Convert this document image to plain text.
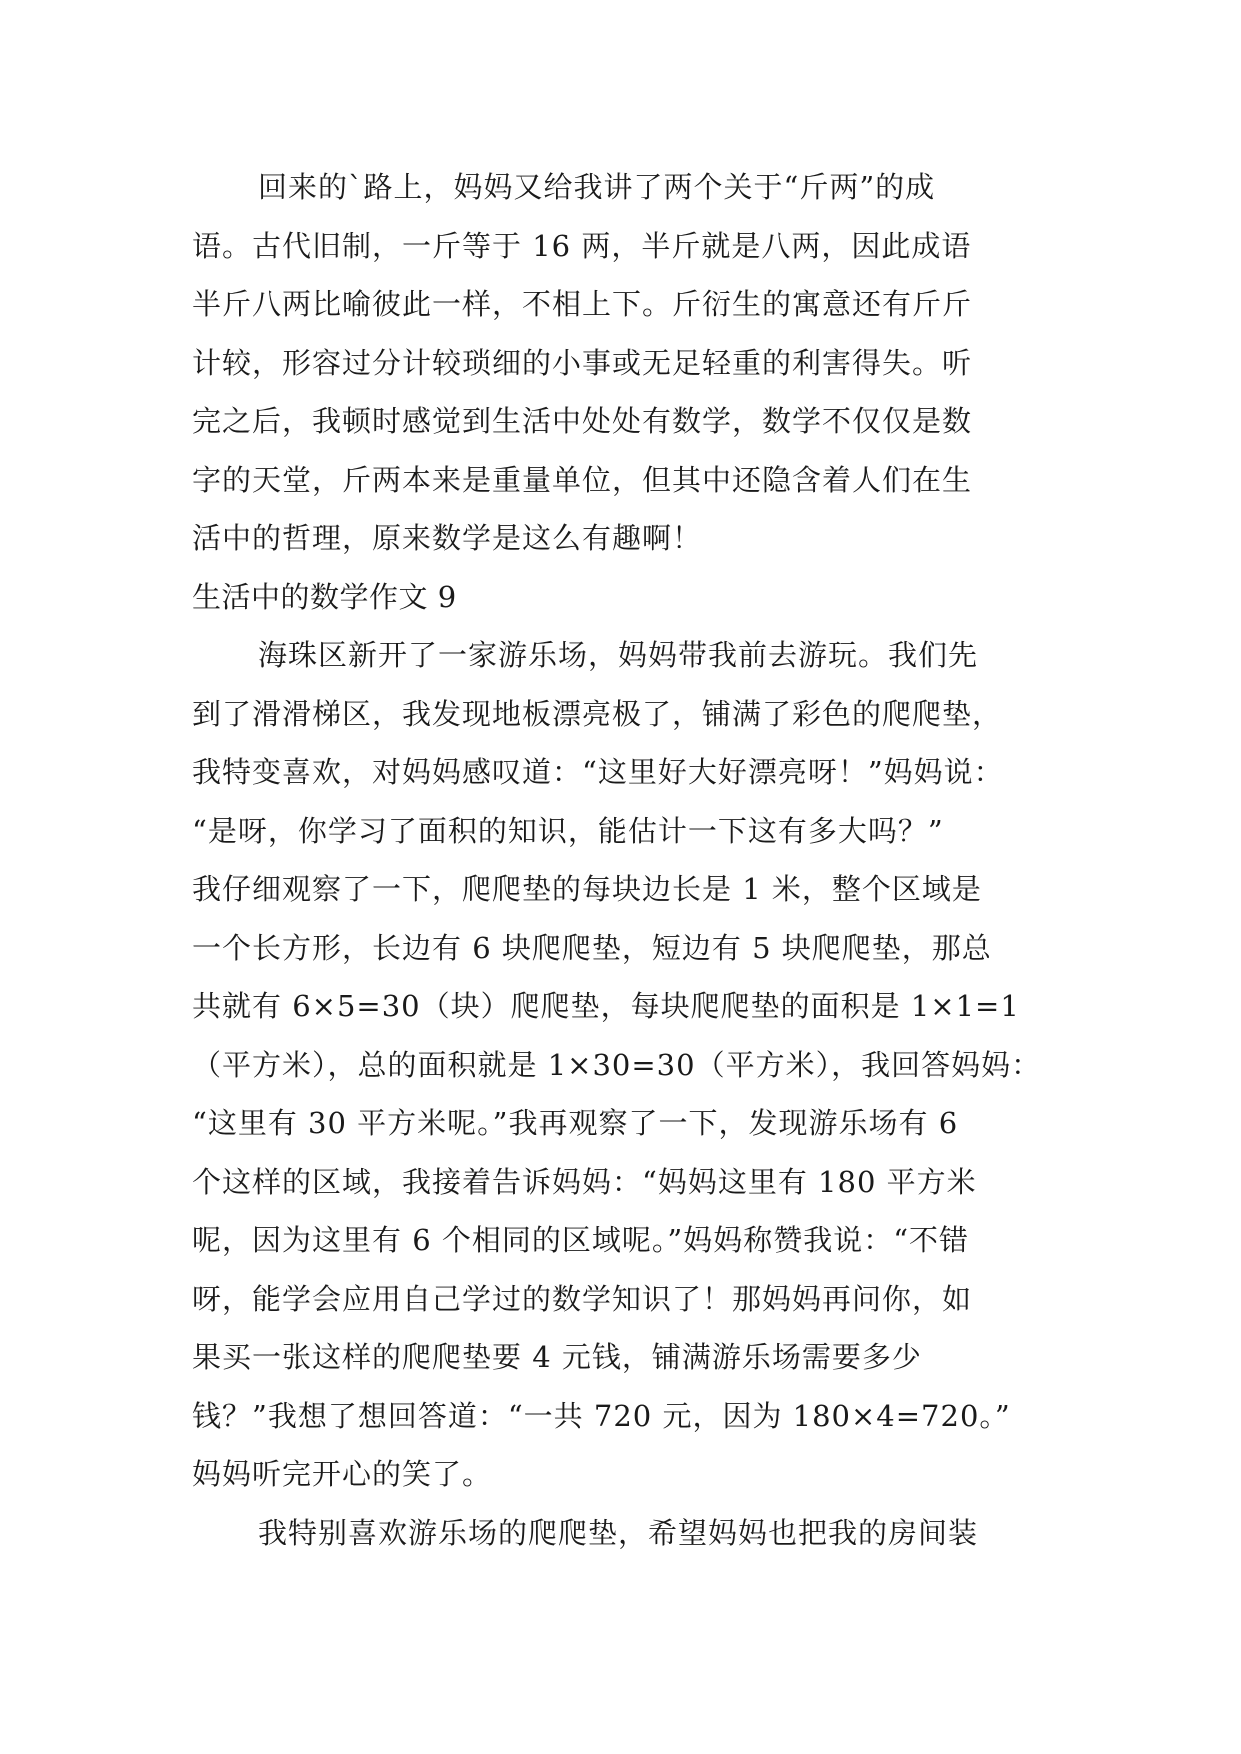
回来的`路上，妈妈又给我讲了两个关于“斤两”的成
语。古代旧制，一斤等于 16 两，半斤就是八两，因此成语
半斤八两比喻彼此一样，不相上下。斤衍生的寓意还有斤斤
计较，形容过分计较琐细的小事或无足轻重的利害得失。听
完之后，我顿时感觉到生活中处处有数学，数学不仅仅是数
字的天堂，斤两本来是重量单位，但其中还隐含着人们在生
活中的哲理，原来数学是这么有趣啊！
生活中的数学作文 9
海珠区新开了一家游乐场，妈妈带我前去游玩。我们先
到了滑滑梯区，我发现地板漂亮极了，铺满了彩色的爬爬垫，
我特变喜欢，对妈妈感叹道：“这里好大好漂亮呀！”妈妈说：
“是呀，你学习了面积的知识，能估计一下这有多大吗？”
我仔细观察了一下，爬爬垫的每块边长是 1 米，整个区域是
一个长方形，长边有 6 块爬爬垫，短边有 5 块爬爬垫，那总
共就有 6×5=30（块）爬爬垫，每块爬爬垫的面积是 1×1=1
（平方米），总的面积就是 1×30=30（平方米），我回答妈妈：
“这里有 30 平方米呢。”我再观察了一下，发现游乐场有 6
个这样的区域，我接着告诉妈妈：“妈妈这里有 180 平方米
呢，因为这里有 6 个相同的区域呢。”妈妈称赞我说：“不错
呀，能学会应用自己学过的数学知识了！那妈妈再问你，如
果买一张这样的爬爬垫要 4 元钱，铺满游乐场需要多少
钱？”我想了想回答道：“一共 720 元，因为 180×4=720。”
妈妈听完开心的笑了。
我特别喜欢游乐场的爬爬垫，希望妈妈也把我的房间装
